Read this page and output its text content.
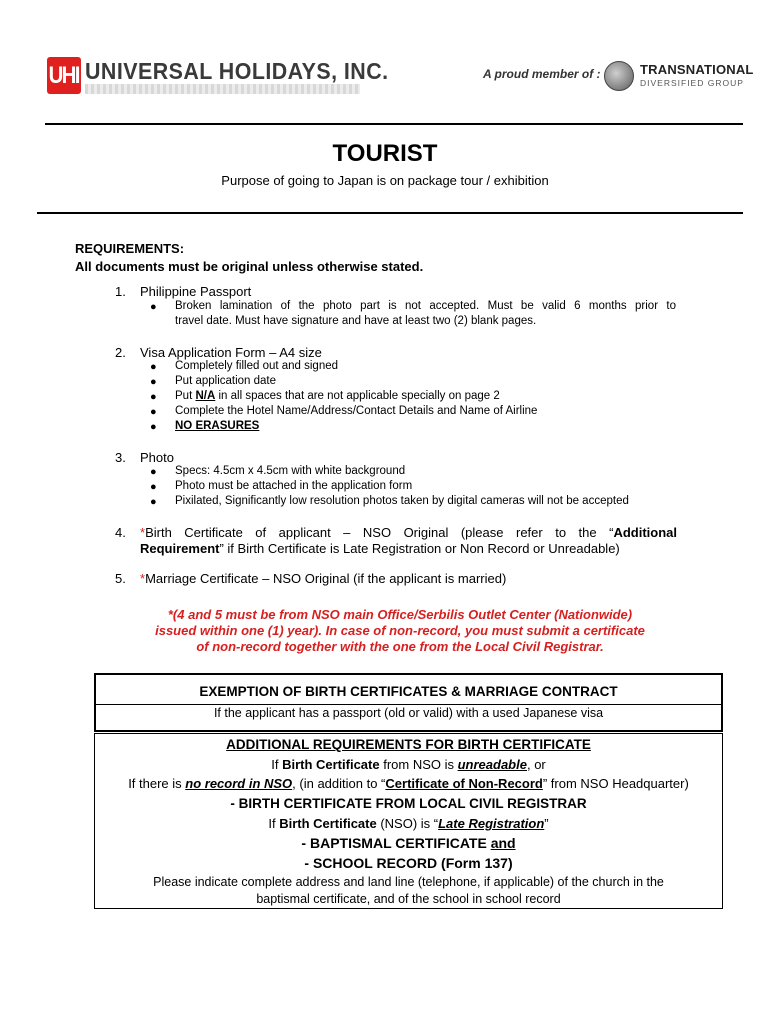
UHI UNIVERSAL HOLIDAYS, INC.	A proud member of :	TRANSNATIONAL
DIVERSIFIED GROUP
TOURIST
Purpose of going to Japan is on package tour / exhibition
REQUIREMENTS:
All documents must be original unless otherwise stated.
1. Philippine Passport
● Broken lamination of the photo part is not accepted. Must be valid 6 months prior to
travel date. Must have signature and have at least two (2) blank pages.
2. Visa Application Form – A4 size
● Completely filled out and signed
● Put application date
● Put N/A in all spaces that are not applicable specially on page 2
● Complete the Hotel Name/Address/Contact Details and Name of Airline
● NO ERASURES
3. Photo
● Specs: 4.5cm x 4.5cm with white background
● Photo must be attached in the application form
● Pixilated, Significantly low resolution photos taken by digital cameras will not be accepted
4. *Birth Certificate of applicant – NSO Original (please refer to the “Additional
Requirement” if Birth Certificate is Late Registration or Non Record or Unreadable)
5. *Marriage Certificate – NSO Original (if the applicant is married)
*(4 and 5 must be from NSO main Office/Serbilis Outlet Center (Nationwide)
issued within one (1) year). In case of non-record, you must submit a certificate
of non-record together with the one from the Local Civil Registrar.
EXEMPTION OF BIRTH CERTIFICATES & MARRIAGE CONTRACT
If the applicant has a passport (old or valid) with a used Japanese visa
ADDITIONAL REQUIREMENTS FOR BIRTH CERTIFICATE
If Birth Certificate from NSO is unreadable, or
If there is no record in NSO, (in addition to “Certificate of Non-Record” from NSO Headquarter)
- BIRTH CERTIFICATE FROM LOCAL CIVIL REGISTRAR
If Birth Certificate (NSO) is “Late Registration”
- BAPTISMAL CERTIFICATE and
- SCHOOL RECORD (Form 137)
Please indicate complete address and land line (telephone, if applicable) of the church in the
baptismal certificate, and of the school in school record
